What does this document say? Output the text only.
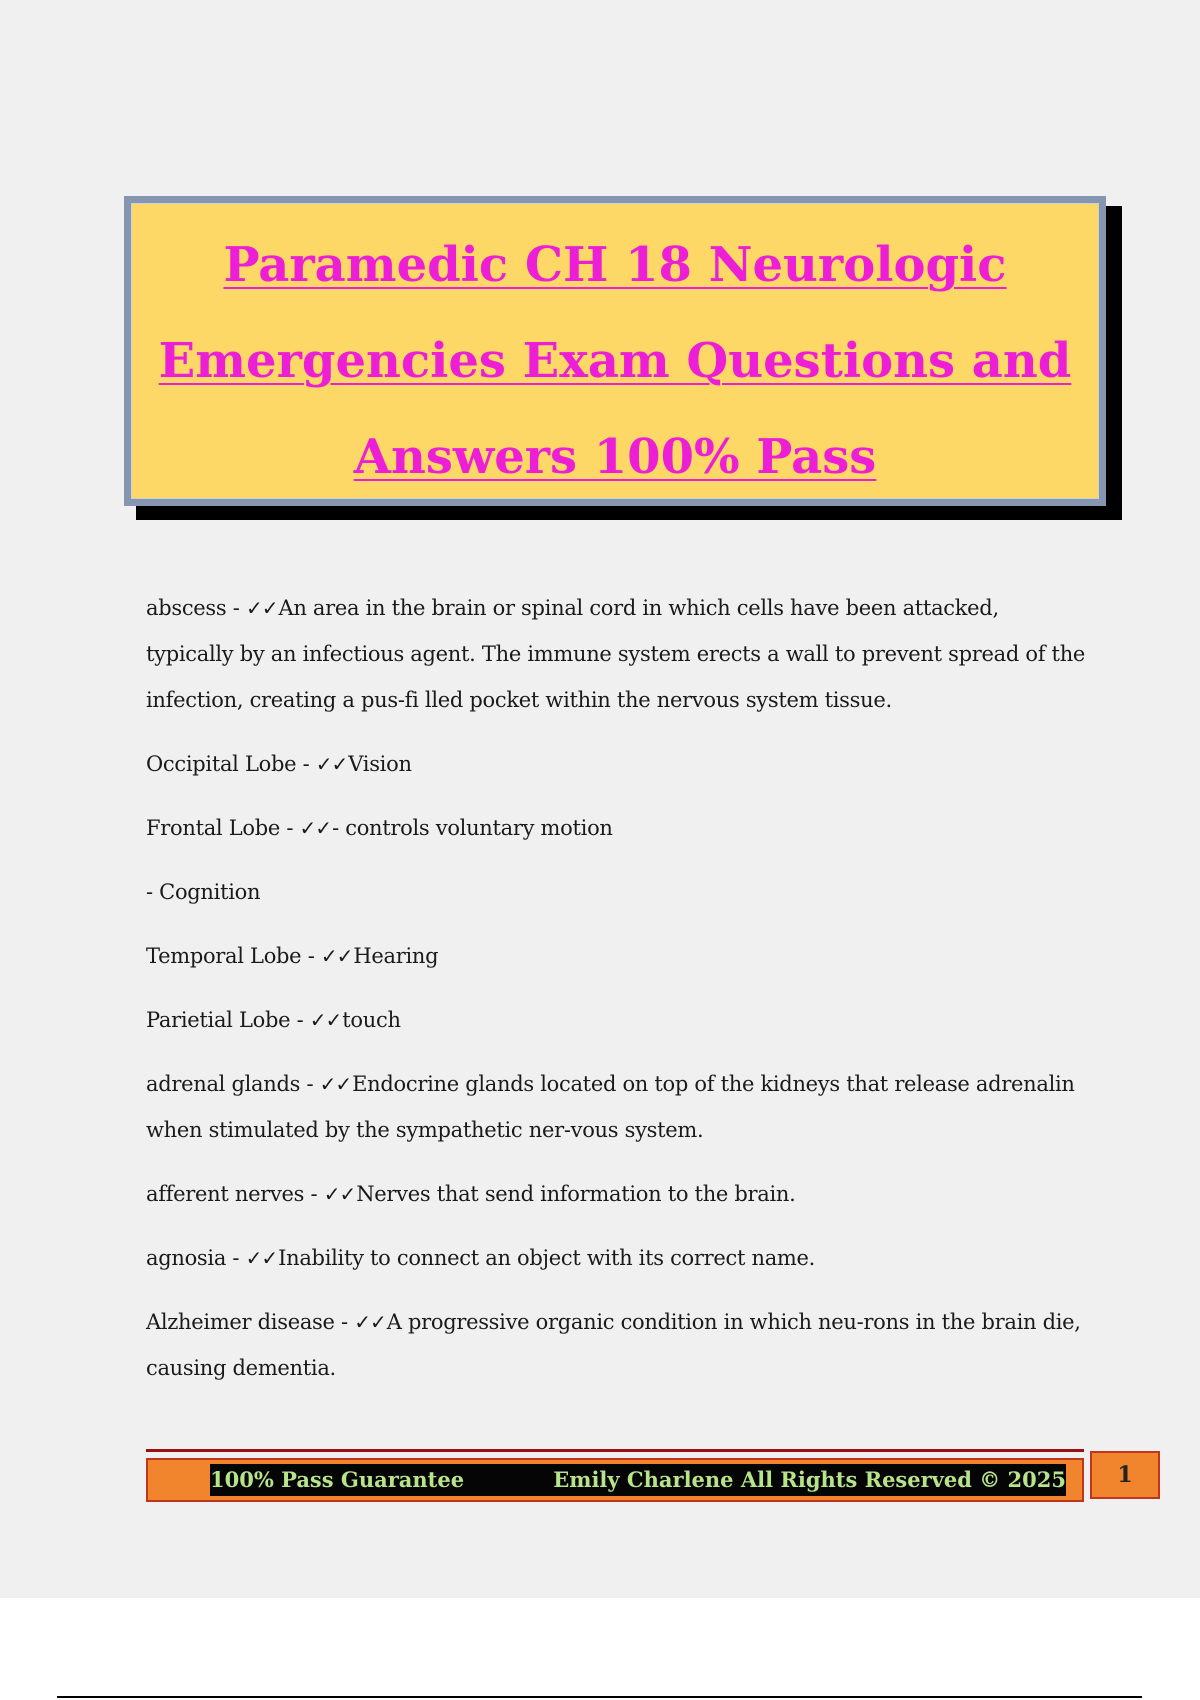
Paramedic CH 18 Neurologic
Emergencies Exam Questions and
Answers 100% Pass

abscess - ✓✓An area in the brain or spinal cord in which cells have been attacked, typically by an infectious agent. The immune system erects a wall to prevent spread of the infection, creating a pus-fi lled pocket within the nervous system tissue.

Occipital Lobe - ✓✓Vision

Frontal Lobe - ✓✓- controls voluntary motion

- Cognition

Temporal Lobe - ✓✓Hearing

Parietial Lobe - ✓✓touch

adrenal glands - ✓✓Endocrine glands located on top of the kidneys that release adrenalin when stimulated by the sympathetic ner-vous system.

afferent nerves - ✓✓Nerves that send information to the brain.

agnosia - ✓✓Inability to connect an object with its correct name.

Alzheimer disease - ✓✓A progressive organic condition in which neu-rons in the brain die, causing dementia.

100% Pass Guarantee	Emily Charlene All Rights Reserved © 2025	1
